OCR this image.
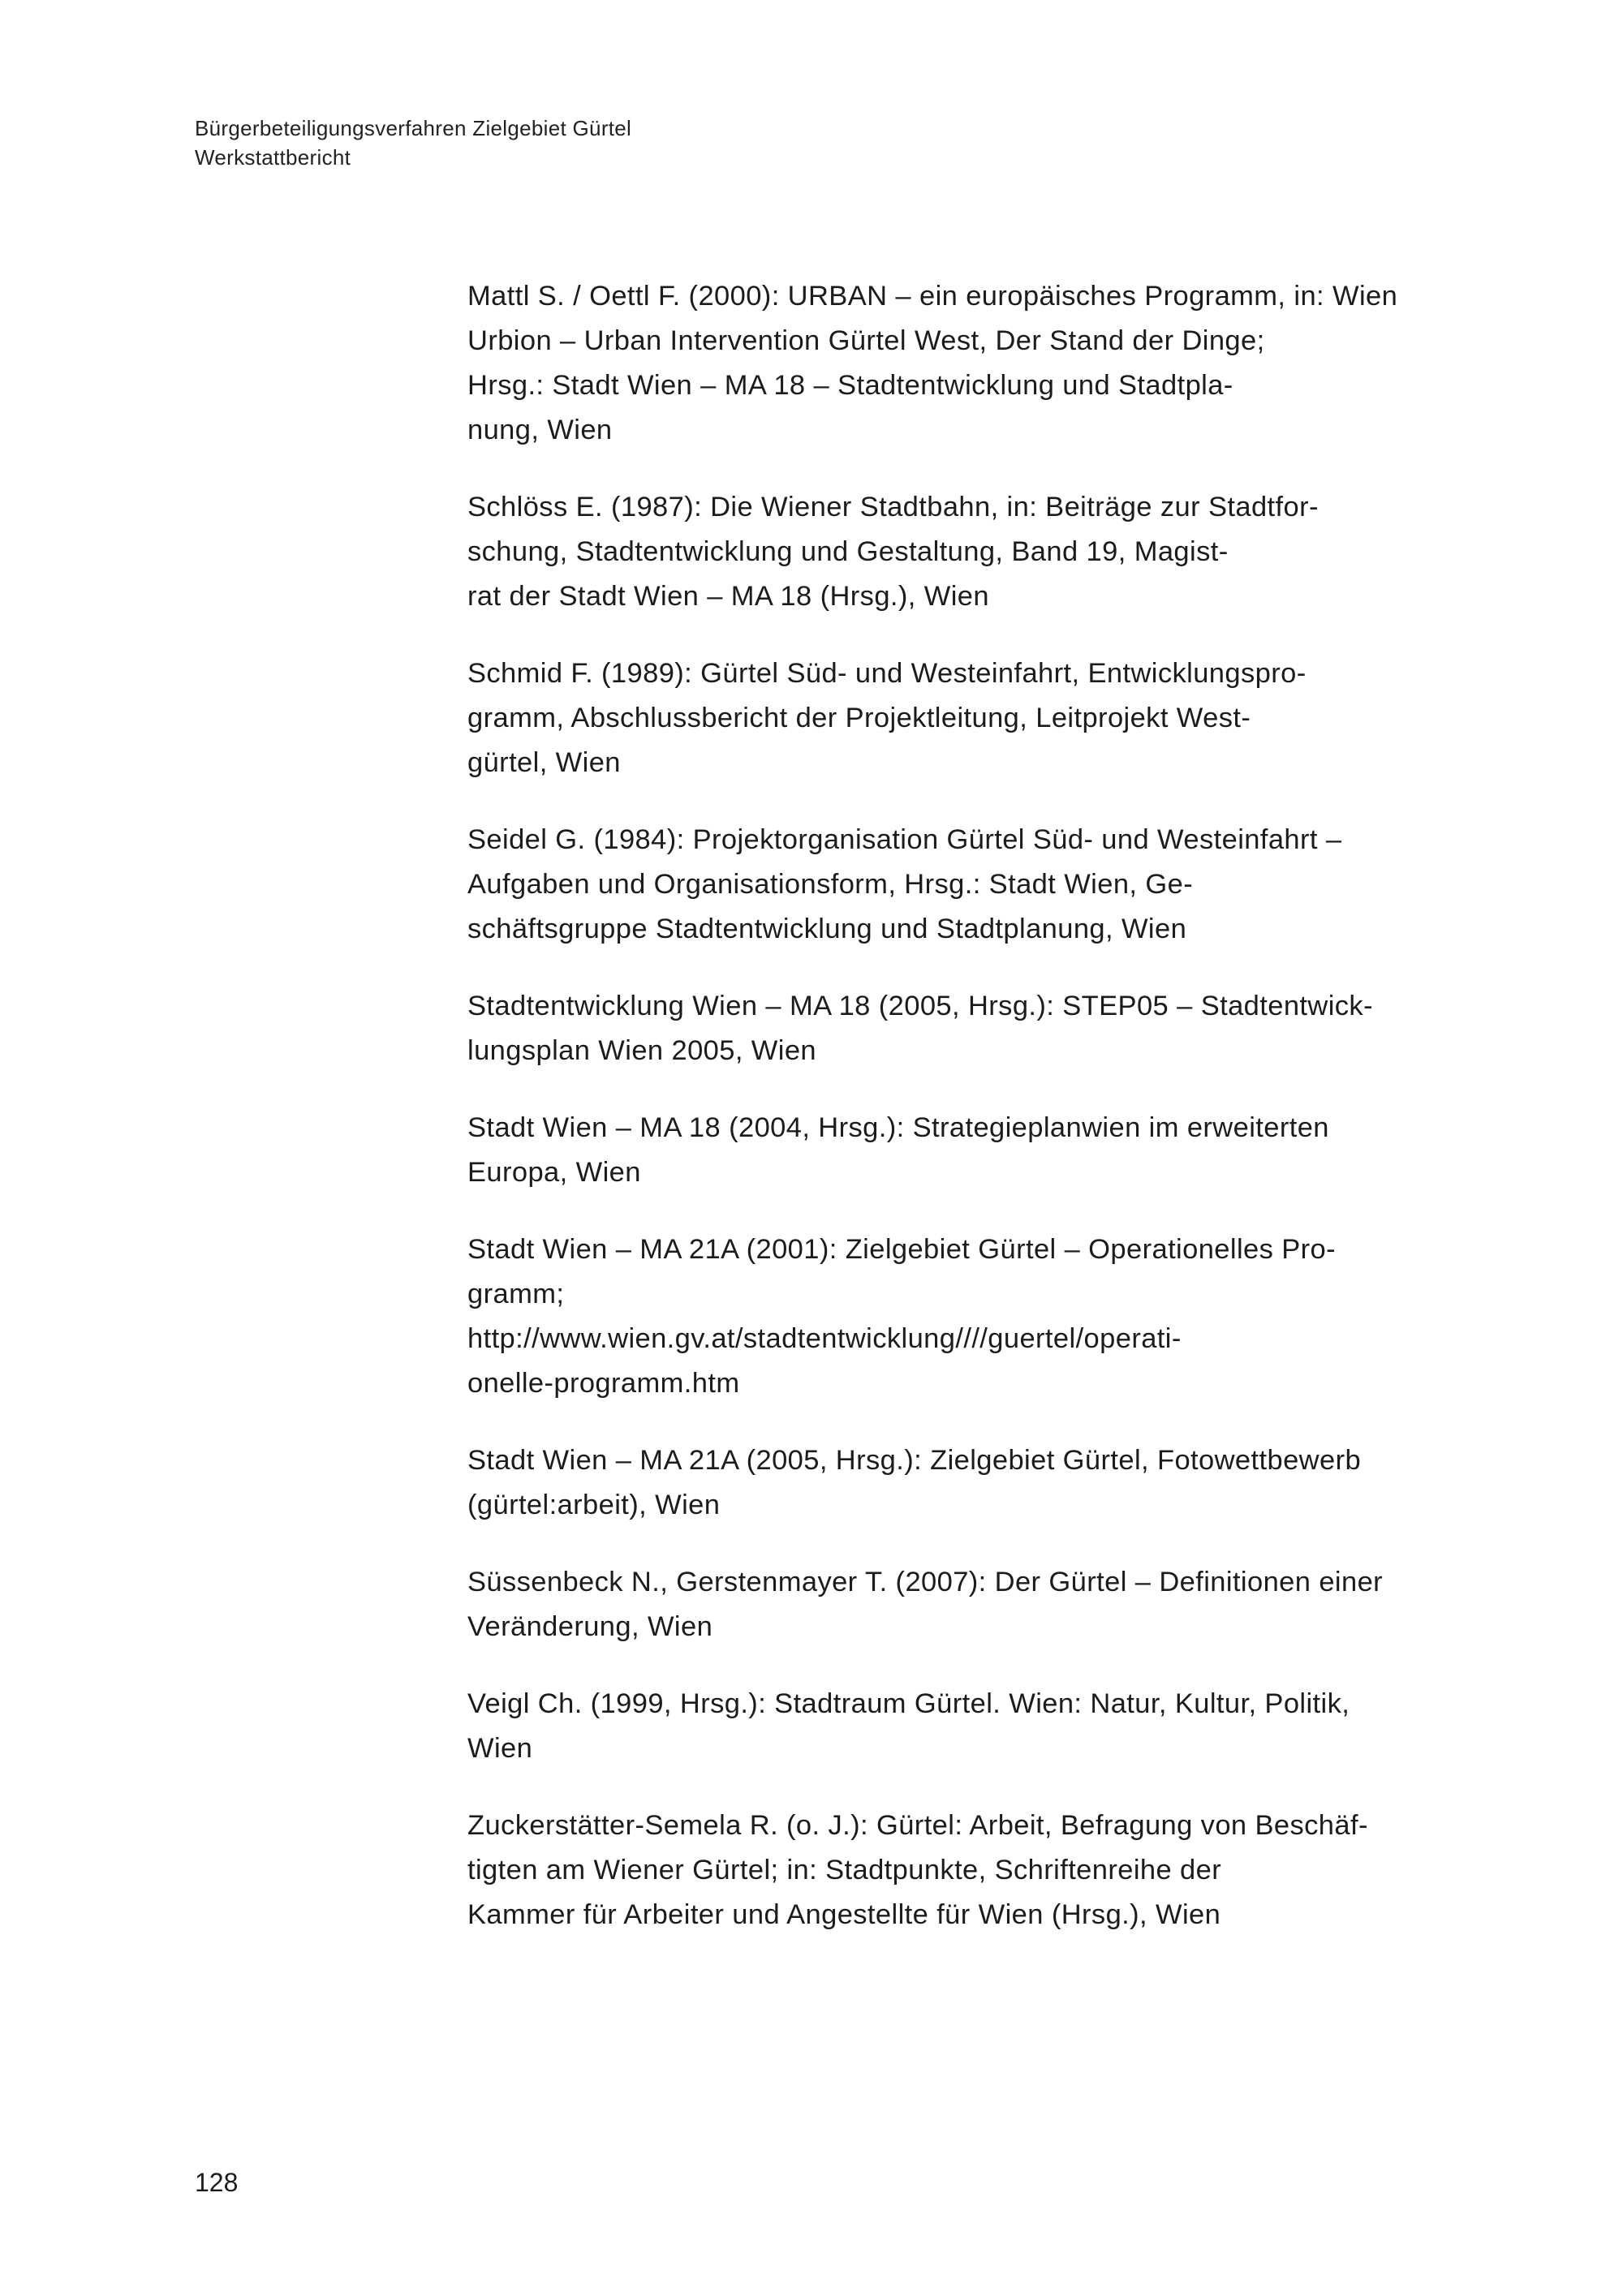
Bürgerbeteiligungsverfahren Zielgebiet Gürtel
Werkstattbericht
Mattl S. / Oettl F. (2000): URBAN – ein europäisches Programm, in: Wien
Urbion – Urban Intervention Gürtel West, Der Stand der Dinge;
Hrsg.: Stadt Wien – MA 18 – Stadtentwicklung und Stadtpla-
nung, Wien
Schlöss E. (1987): Die Wiener Stadtbahn, in: Beiträge zur Stadtfor-
schung, Stadtentwicklung und Gestaltung, Band 19, Magist-
rat der Stadt Wien – MA 18 (Hrsg.), Wien
Schmid F. (1989): Gürtel Süd- und Westeinfahrt, Entwicklungspro-
gramm, Abschlussbericht der Projektleitung, Leitprojekt West-
gürtel, Wien
Seidel G. (1984): Projektorganisation Gürtel Süd- und Westeinfahrt –
Aufgaben und Organisationsform, Hrsg.: Stadt Wien, Ge-
schäftsgruppe Stadtentwicklung und Stadtplanung, Wien
Stadtentwicklung Wien – MA 18 (2005, Hrsg.): STEP05 – Stadtentwick-
lungsplan Wien 2005, Wien
Stadt Wien – MA 18 (2004, Hrsg.): Strategieplanwien im erweiterten
Europa, Wien
Stadt Wien – MA 21A (2001): Zielgebiet Gürtel – Operationelles Pro-
gramm;
http://www.wien.gv.at/stadtentwicklung////guertel/operati-
onelle-programm.htm
Stadt Wien – MA 21A (2005, Hrsg.): Zielgebiet Gürtel, Fotowettbewerb
(gürtel:arbeit), Wien
Süssenbeck N., Gerstenmayer T. (2007): Der Gürtel – Definitionen einer
Veränderung, Wien
Veigl Ch. (1999, Hrsg.): Stadtraum Gürtel. Wien: Natur, Kultur, Politik,
Wien
Zuckerstätter-Semela R. (o. J.): Gürtel: Arbeit, Befragung von Beschäf-
tigten am Wiener Gürtel; in: Stadtpunkte, Schriftenreihe der
Kammer für Arbeiter und Angestellte für Wien (Hrsg.), Wien
128
